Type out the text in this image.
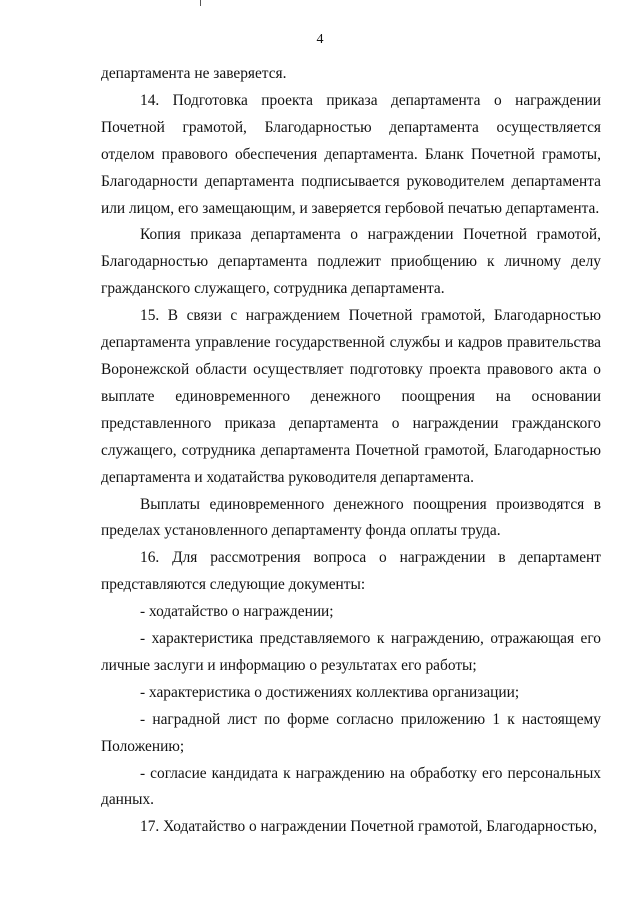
4

департамента не заверяется.

14. Подготовка проекта приказа департамента о награждении Почетной грамотой, Благодарностью департамента осуществляется отделом правового обеспечения департамента. Бланк Почетной грамоты, Благодарности департамента подписывается руководителем департамента или лицом, его замещающим, и заверяется гербовой печатью департамента.

Копия приказа департамента о награждении Почетной грамотой, Благодарностью департамента подлежит приобщению к личному делу гражданского служащего, сотрудника департамента.

15. В связи с награждением Почетной грамотой, Благодарностью департамента управление государственной службы и кадров правительства Воронежской области осуществляет подготовку проекта правового акта о выплате единовременного денежного поощрения на основании представленного приказа департамента о награждении гражданского служащего, сотрудника департамента Почетной грамотой, Благодарностью департамента и ходатайства руководителя департамента.

Выплаты единовременного денежного поощрения производятся в пределах установленного департаменту фонда оплаты труда.

16. Для рассмотрения вопроса о награждении в департамент представляются следующие документы:

- ходатайство о награждении;

- характеристика представляемого к награждению, отражающая его личные заслуги и информацию о результатах его работы;

- характеристика о достижениях коллектива организации;

- наградной лист по форме согласно приложению 1 к настоящему Положению;

- согласие кандидата к награждению на обработку его персональных данных.

17. Ходатайство о награждении Почетной грамотой, Благодарностью,
